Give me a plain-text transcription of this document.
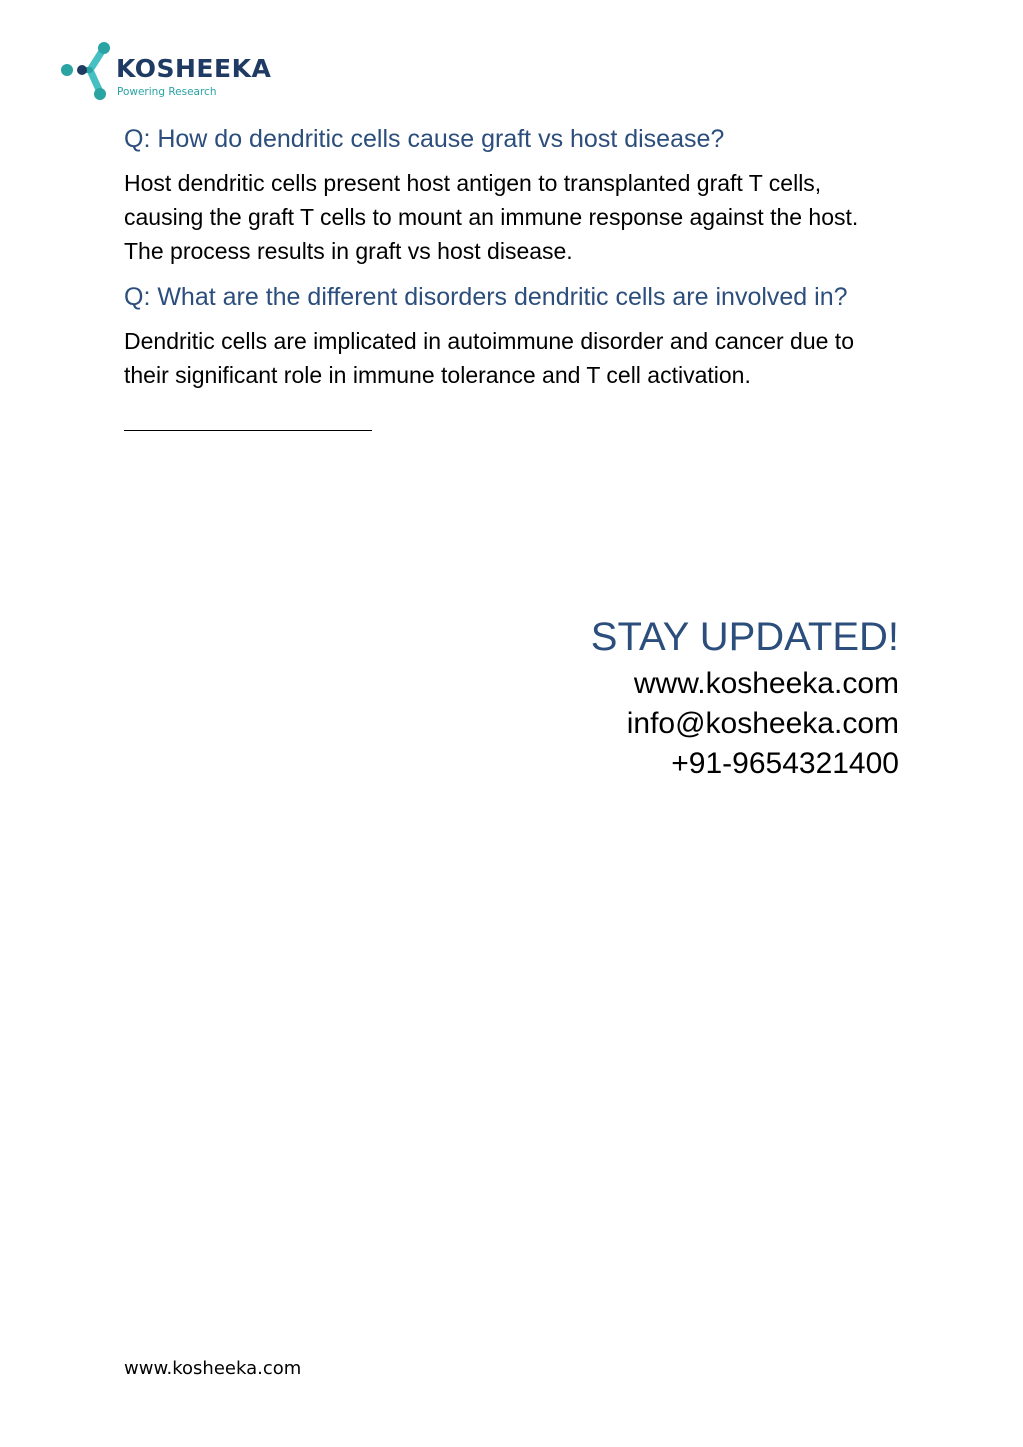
KOSHEEKA
Powering Research

Q: How do dendritic cells cause graft vs host disease?

Host dendritic cells present host antigen to transplanted graft T cells, causing the graft T cells to mount an immune response against the host. The process results in graft vs host disease.

Q: What are the different disorders dendritic cells are involved in?

Dendritic cells are implicated in autoimmune disorder and cancer due to their significant role in immune tolerance and T cell activation.

STAY UPDATED!
www.kosheeka.com
info@kosheeka.com
+91-9654321400
www.kosheeka.com
